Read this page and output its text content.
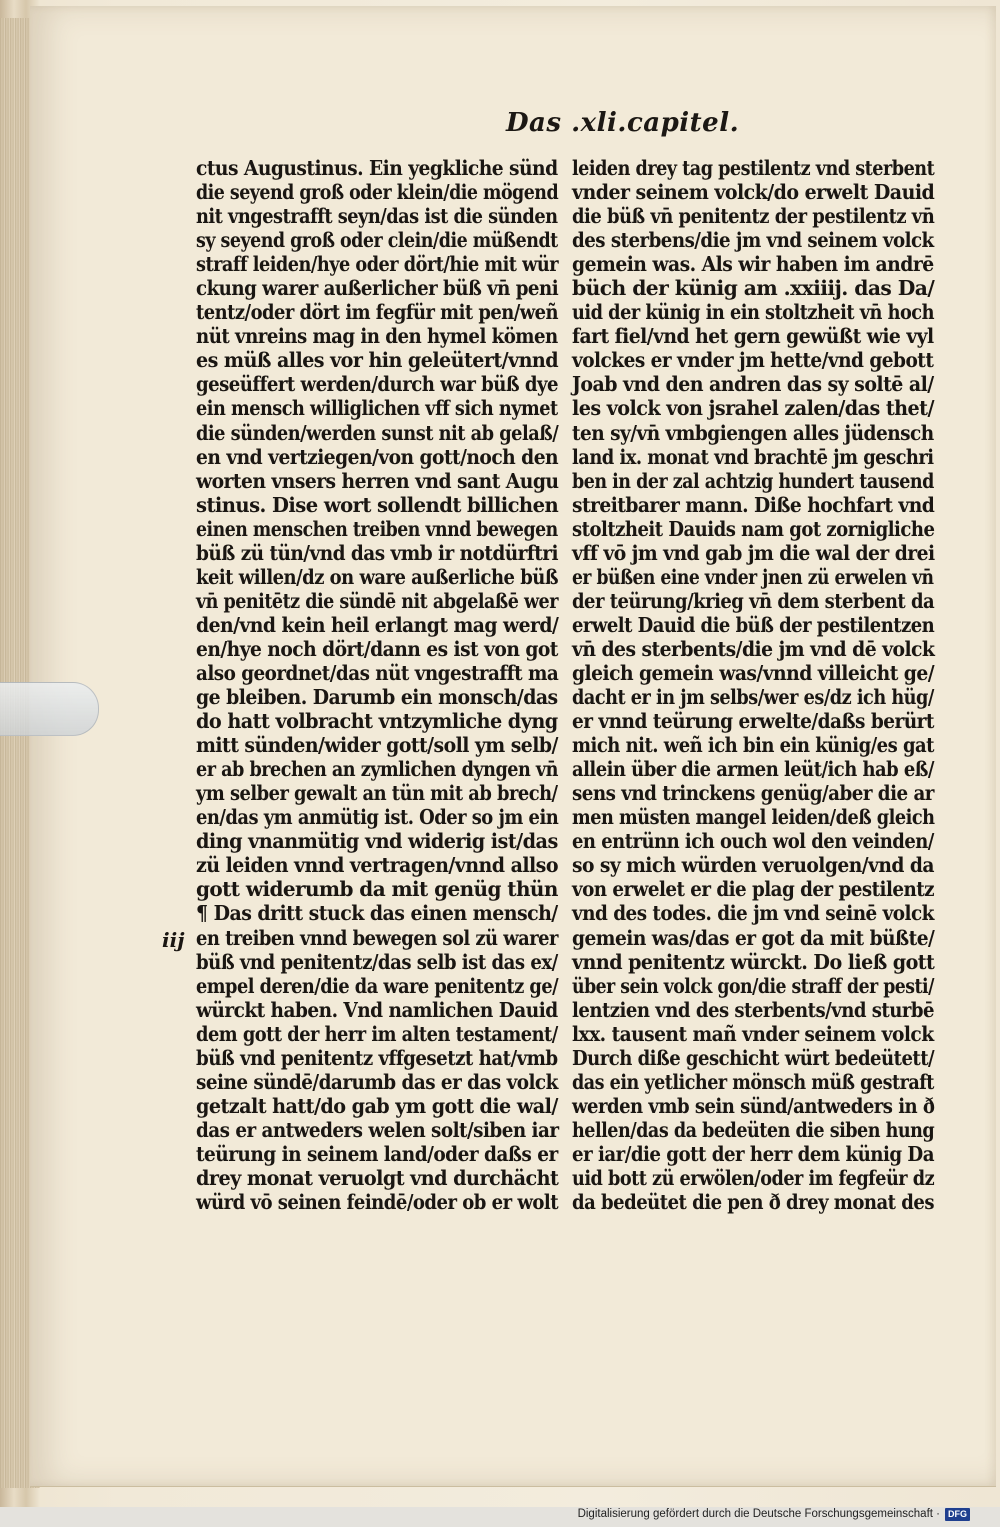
Das .xli.capitel.
ctus Augustinus. Ein yegkliche sünd
die seyend groß oder klein/die mögend
nit vngestrafft seyn/das ist die sünden
sy seyend groß oder clein/die müßendt
straff leiden/hye oder dört/hie mit wür
ckung warer außerlicher büß vn̄ peni
tentz/oder dört im fegfür mit pen/weñ
nüt vnreins mag in den hymel kömen
es müß alles vor hin geleütert/vnnd
geseüffert werden/durch war büß dye
ein mensch williglichen vff sich nymet
die sünden/werden sunst nit ab gelaß/
en vnd vertziegen/von gott/noch den
worten vnsers herren vnd sant Augu
stinus. Dise wort sollendt billichen
einen menschen treiben vnnd bewegen
büß zü tün/vnd das vmb ir notdürftri
keit willen/dz on ware außerliche büß
vn̄ penitētz die sündē nit abgelaßē wer
den/vnd kein heil erlangt mag werd/
en/hye noch dört/dann es ist von got
also geordnet/das nüt vngestrafft ma
ge bleiben. Darumb ein monsch/das
do hatt volbracht vntzymliche dyng
mitt sünden/wider gott/soll ym selb/
er ab brechen an zymlichen dyngen vn̄
ym selber gewalt an tün mit ab brech/
en/das ym anmütig ist. Oder so jm ein
ding vnanmütig vnd widerig ist/das
zü leiden vnnd vertragen/vnnd allso
gott widerumb da mit genüg thün
¶ Das dritt stuck das einen mensch/
en treiben vnnd bewegen sol zü warer
büß vnd penitentz/das selb ist das ex/
empel deren/die da ware penitentz ge/
würckt haben. Vnd namlichen Dauid
dem gott der herr im alten testament/
büß vnd penitentz vffgesetzt hat/vmb
seine sündē/darumb das er das volck
getzalt hatt/do gab ym gott die wal/
das er antweders welen solt/siben iar
teürung in seinem land/oder daßs er
drey monat veruolgt vnd durchächt
würd vō seinen feindē/oder ob er wolt
leiden drey tag pestilentz vnd sterbent
vnder seinem volck/do erwelt Dauid
die büß vn̄ penitentz der pestilentz vn̄
des sterbens/die jm vnd seinem volck
gemein was. Als wir haben im andrē
büch der künig am .xxiiij. das Da/
uid der künig in ein stoltzheit vn̄ hoch
fart fiel/vnd het gern gewüßt wie vyl
volckes er vnder jm hette/vnd gebott
Joab vnd den andren das sy soltē al/
les volck von jsrahel zalen/das thet/
ten sy/vn̄ vmbgiengen alles jüdensch
land ix. monat vnd brachtē jm geschri
ben in der zal achtzig hundert tausend
streitbarer mann. Diße hochfart vnd
stoltzheit Dauids nam got zornigliche
vff vō jm vnd gab jm die wal der drei
er büßen eine vnder jnen zü erwelen vn̄
der teürung/krieg vn̄ dem sterbent da
erwelt Dauid die büß der pestilentzen
vn̄ des sterbents/die jm vnd dē volck
gleich gemein was/vnnd villeicht ge/
dacht er in jm selbs/wer es/dz ich hüg/
er vnnd teürung erwelte/daßs berürt
mich nit. weñ ich bin ein künig/es gat
allein über die armen leüt/ich hab eß/
sens vnd trinckens genüg/aber die ar
men müsten mangel leiden/deß gleich
en entrünn ich ouch wol den veinden/
so sy mich würden veruolgen/vnd da
von erwelet er die plag der pestilentz
vnd des todes. die jm vnd seinē volck
gemein was/das er got da mit büßte/
vnnd penitentz würckt. Do ließ gott
über sein volck gon/die straff der pesti/
lentzien vnd des sterbents/vnd sturbē
lxx. tausent mañ vnder seinem volck
Durch diße geschicht würt bedeütett/
das ein yetlicher mönsch müß gestraft
werden vmb sein sünd/antweders in ð
hellen/das da bedeüten die siben hung
er iar/die gott der herr dem künig Da
uid bott zü erwölen/oder im fegfeür dz
da bedeütet die pen ð drey monat des
iij
Digitalisierung gefördert durch die Deutsche Forschungsgemeinschaft · DFG
